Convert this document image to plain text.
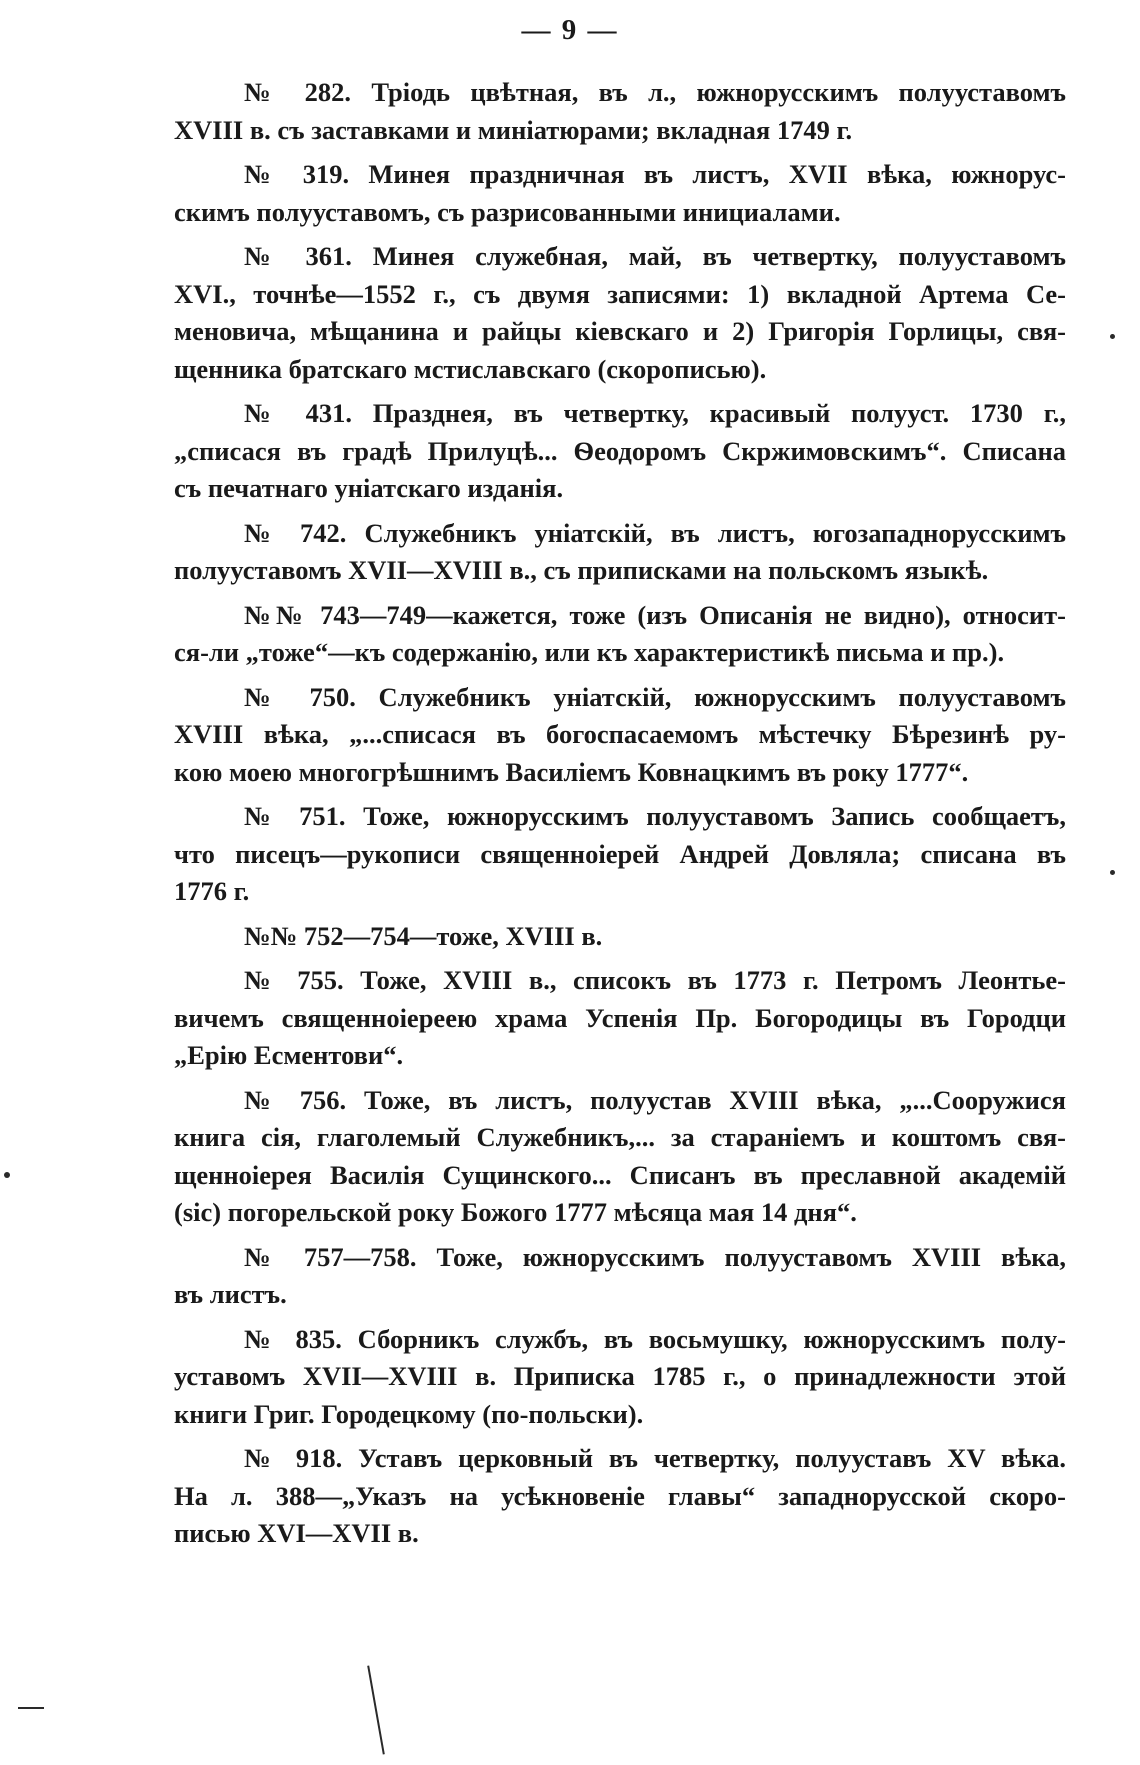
— 9 —
№ 282. Тріодь цвѣтная, въ л., южнорусскимъ полууставомъ
XVIII в. съ заставками и миніатюрами; вкладная 1749 г.
№ 319. Минея праздничная въ листъ, XVII вѣка, южнорус-
скимъ полууставомъ, съ разрисованными инициалами.
№ 361. Минея служебная, май, въ четвертку, полууставомъ
XVI., точнѣе—1552 г., съ двумя записями: 1) вкладной Артема Се-
меновича, мѣщанина и райцы кіевскаго и 2) Григорія Горлицы, свя-
щенника братскаго мстиславскаго (скорописью).
№ 431. Празднея, въ четвертку, красивый полууст. 1730 г.,
„списася въ градѣ Прилуцѣ... Ѳеодоромъ Скржимовскимъ“. Списана
съ печатнаго уніатскаго изданія.
№ 742. Служебникъ уніатскій, въ листъ, югозападнорусскимъ
полууставомъ XVII—XVIII в., съ приписками на польскомъ языкѣ.
№№ 743—749—кажется, тоже (изъ Описанія не видно), относит-
ся-ли „тоже“—къ содержанію, или къ характеристикѣ письма и пр.).
№ 750. Служебникъ уніатскій, южнорусскимъ полууставомъ
XVIII вѣка, „...списася въ богоспасаемомъ мѣстечку Бѣрезинѣ ру-
кою моею многогрѣшнимъ Василіемъ Ковнацкимъ въ року 1777“.
№ 751. Тоже, южнорусскимъ полууставомъ Запись сообщаетъ,
что писецъ—рукописи священноіерей Андрей Довляла; списана въ
1776 г.
№№ 752—754—тоже, XVIII в.
№ 755. Тоже, XVIII в., списокъ въ 1773 г. Петромъ Леонтье-
вичемъ священноіереею храма Успенія Пр. Богородицы въ Городци
„Ерію Есментови“.
№ 756. Тоже, въ листъ, полуустав XVIII вѣка, „...Сооружися
книга сія, глаголемый Служебникъ,... за стараніемъ и коштомъ свя-
щенноіерея Василія Сущинского... Списанъ въ преславной академій
(sic) погорельской року Божого 1777 мѣсяца мая 14 дня“.
№ 757—758. Тоже, южнорусскимъ полууставомъ XVIII вѣка,
въ листъ.
№ 835. Сборникъ службъ, въ восьмушку, южнорусскимъ полу-
уставомъ XVII—XVIII в. Приписка 1785 г., о принадлежности этой
книги Григ. Городецкому (по-польски).
№ 918. Уставъ церковный въ четвертку, полууставъ XV вѣка.
На л. 388—„Указъ на усѣкновеніе главы“ западнорусской скоро-
писью XVI—XVII в.
